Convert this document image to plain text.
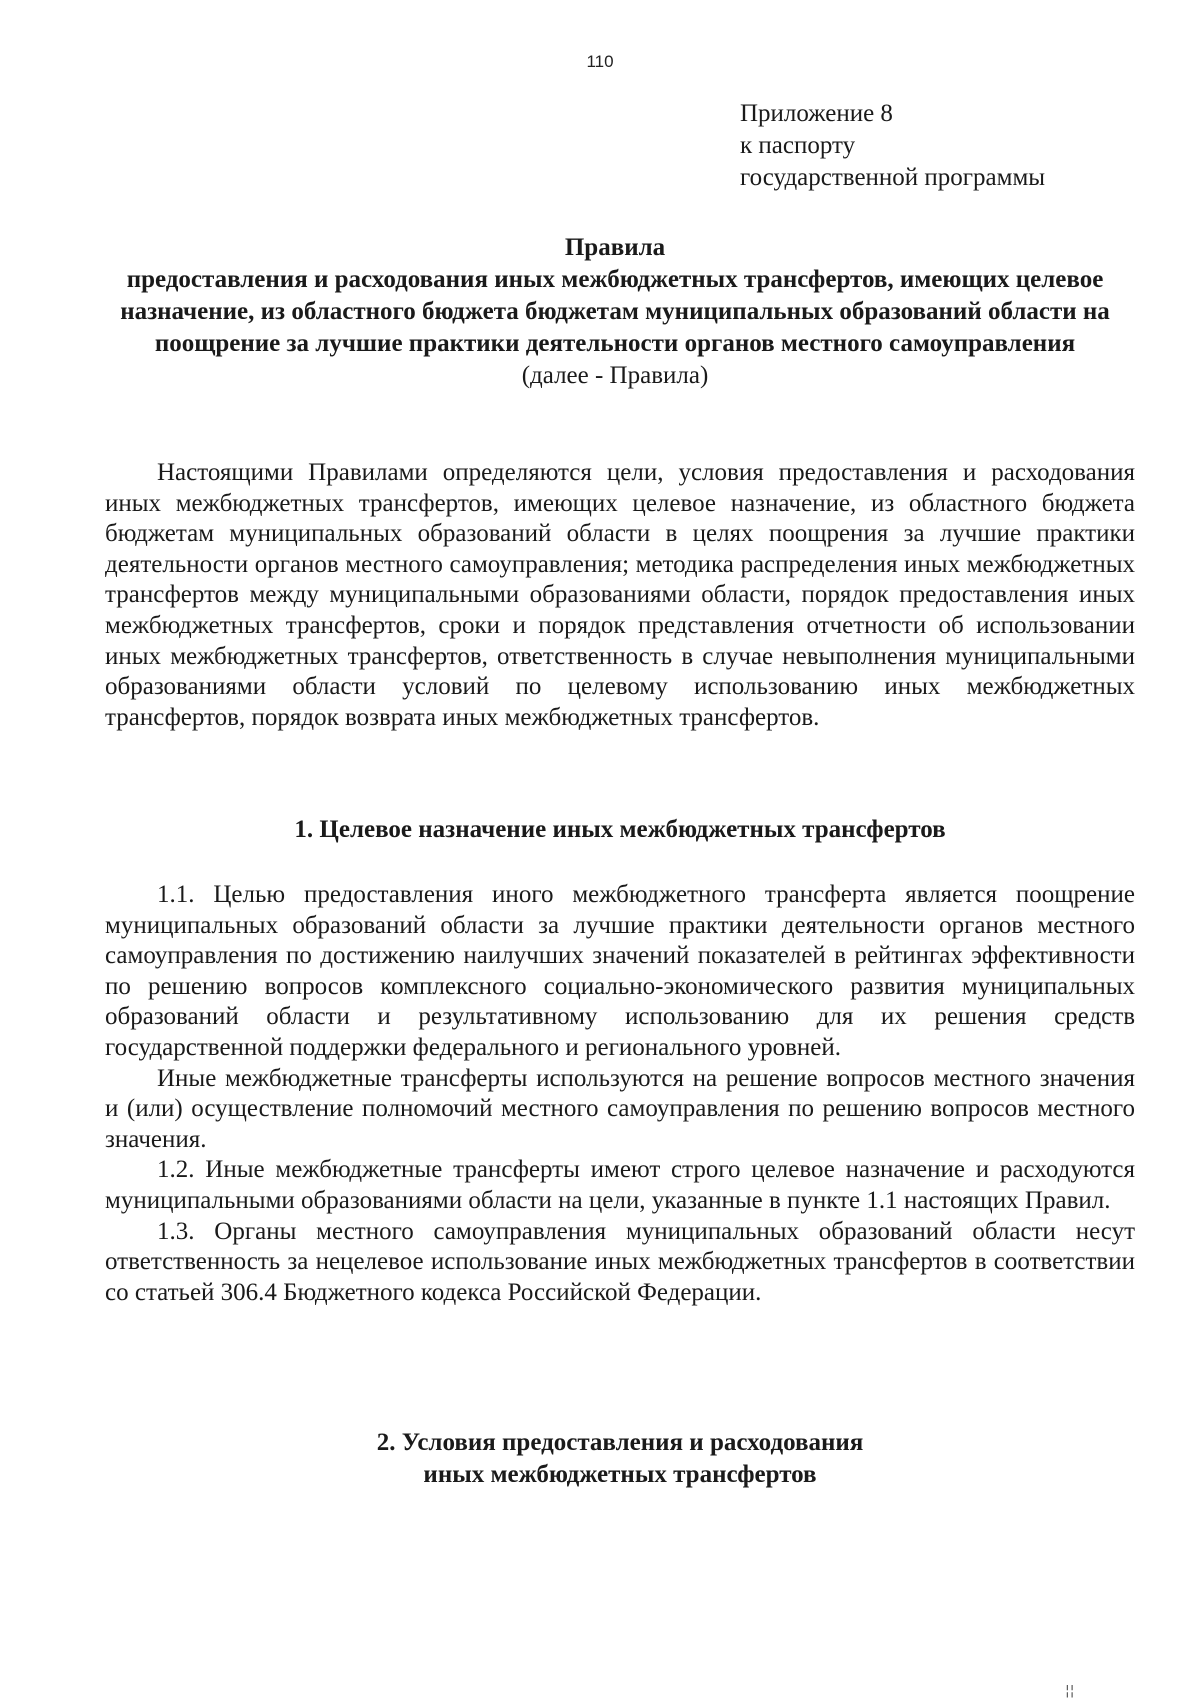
110
Приложение 8
к паспорту
государственной программы
Правила
предоставления и расходования иных межбюджетных трансфертов, имеющих целевое назначение, из областного бюджета бюджетам муниципальных образований области на поощрение за лучшие практики деятельности органов местного самоуправления
(далее - Правила)

Настоящими Правилами определяются цели, условия предоставления и расходования иных межбюджетных трансфертов, имеющих целевое назначение, из областного бюджета бюджетам муниципальных образований области в целях поощрения за лучшие практики деятельности органов местного самоуправления; методика распределения иных межбюджетных трансфертов между муниципальными образованиями области, порядок предоставления иных межбюджетных трансфертов, сроки и порядок представления отчетности об использовании иных межбюджетных трансфертов, ответственность в случае невыполнения муниципальными образованиями области условий по целевому использованию иных межбюджетных трансфертов, порядок возврата иных межбюджетных трансфертов.

1. Целевое назначение иных межбюджетных трансфертов

1.1. Целью предоставления иного межбюджетного трансферта является поощрение муниципальных образований области за лучшие практики деятельности органов местного самоуправления по достижению наилучших значений показателей в рейтингах эффективности по решению вопросов комплексного социально-экономического развития муниципальных образований области и результативному использованию для их решения средств государственной поддержки федерального и регионального уровней.

Иные межбюджетные трансферты используются на решение вопросов местного значения и (или) осуществление полномочий местного самоуправления по решению вопросов местного значения.

1.2. Иные межбюджетные трансферты имеют строго целевое назначение и расходуются муниципальными образованиями области на цели, указанные в пункте 1.1 настоящих Правил.

1.3. Органы местного самоуправления муниципальных образований области несут ответственность за нецелевое использование иных межбюджетных трансфертов в соответствии со статьей 306.4 Бюджетного кодекса Российской Федерации.

2. Условия предоставления и расходования
иных межбюджетных трансфертов
¦¦
